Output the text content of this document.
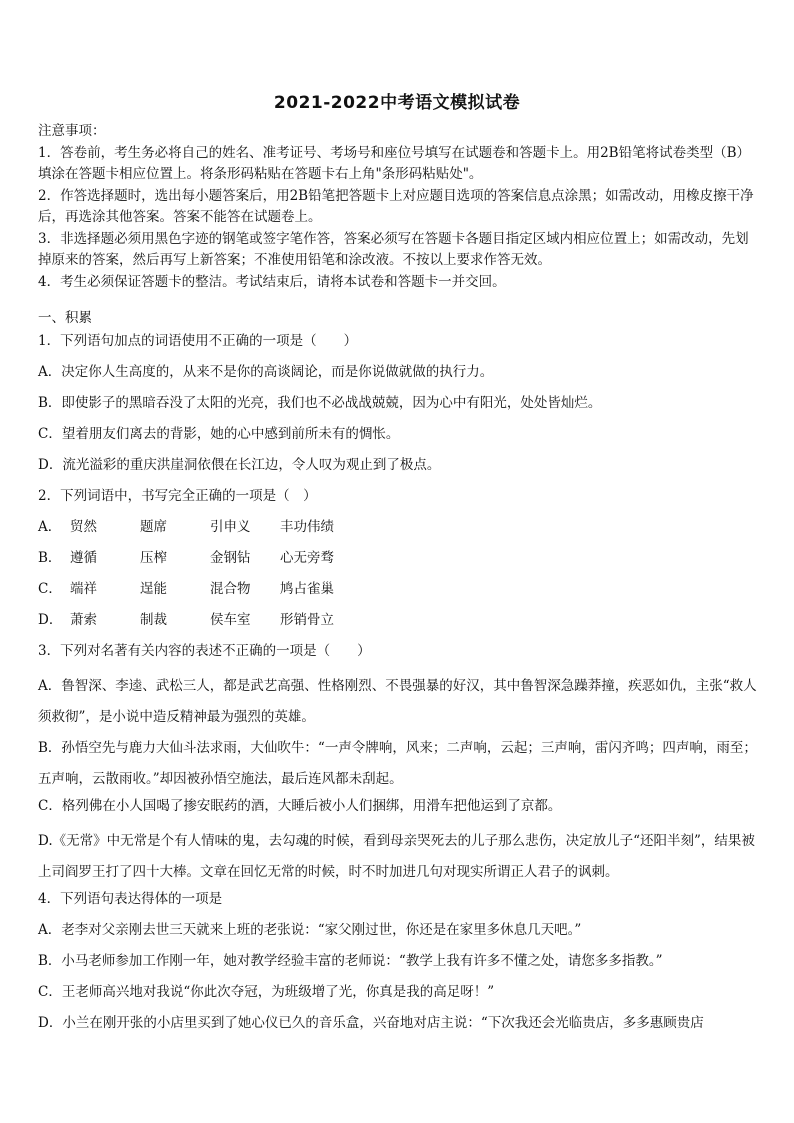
2021-2022中考语文模拟试卷

注意事项：

1．答卷前，考生务必将自己的姓名、准考证号、考场号和座位号填写在试题卷和答题卡上。用2B铅笔将试卷类型（B）填涂在答题卡相应位置上。将条形码粘贴在答题卡右上角"条形码粘贴处"。

2．作答选择题时，选出每小题答案后，用2B铅笔把答题卡上对应题目选项的答案信息点涂黑；如需改动，用橡皮擦干净后，再选涂其他答案。答案不能答在试题卷上。

3．非选择题必须用黑色字迹的钢笔或签字笔作答，答案必须写在答题卡各题目指定区域内相应位置上；如需改动，先划掉原来的答案，然后再写上新答案；不准使用铅笔和涂改液。不按以上要求作答无效。

4．考生必须保证答题卡的整洁。考试结束后，请将本试卷和答题卡一并交回。

一、积累
1．下列语句加点的词语使用不正确的一项是（　　）
A．决定你人生高度的，从来不是你的高谈阔论，而是你说做就做的执行力。
B．即使影子的黑暗吞没了太阳的光亮，我们也不必战战兢兢，因为心中有阳光，处处皆灿烂。
C．望着朋友们离去的背影，她的心中感到前所未有的惆怅。
D．流光溢彩的重庆洪崖洞依偎在长江边，令人叹为观止到了极点。
2．下列词语中，书写完全正确的一项是（　）
A． 贸然	题席	引申义 丰功伟绩
B． 遵循	压榨	金钢钻 心无旁骛
C． 端祥	逞能	混合物 鸠占雀巢
D． 萧索	制裁	侯车室 形销骨立
3．下列对名著有关内容的表述不正确的一项是（　　）
A．鲁智深、李逵、武松三人，都是武艺高强、性格刚烈、不畏强暴的好汉，其中鲁智深急躁莽撞，疾恶如仇，主张“救人须救彻”，是小说中造反精神最为强烈的英雄。
B．孙悟空先与鹿力大仙斗法求雨，大仙吹牛：“一声令牌响，风来；二声响，云起；三声响，雷闪齐鸣；四声响，雨至；五声响，云散雨收。”却因被孙悟空施法，最后连风都未刮起。
C．格列佛在小人国喝了掺安眠药的酒，大睡后被小人们捆绑，用滑车把他运到了京都。
D.《无常》中无常是个有人情味的鬼，去勾魂的时候，看到母亲哭死去的儿子那么悲伤，决定放儿子“还阳半刻”，结果被上司阎罗王打了四十大棒。文章在回忆无常的时候，时不时加进几句对现实所谓正人君子的讽刺。
4．下列语句表达得体的一项是
A．老李对父亲刚去世三天就来上班的老张说：“家父刚过世，你还是在家里多休息几天吧。”
B．小马老师参加工作刚一年，她对教学经验丰富的老师说：“教学上我有许多不懂之处，请您多多指教。”
C．王老师高兴地对我说“你此次夺冠，为班级增了光，你真是我的高足呀！”
D．小兰在刚开张的小店里买到了她心仪已久的音乐盒，兴奋地对店主说：“下次我还会光临贵店，多多惠顾贵店
